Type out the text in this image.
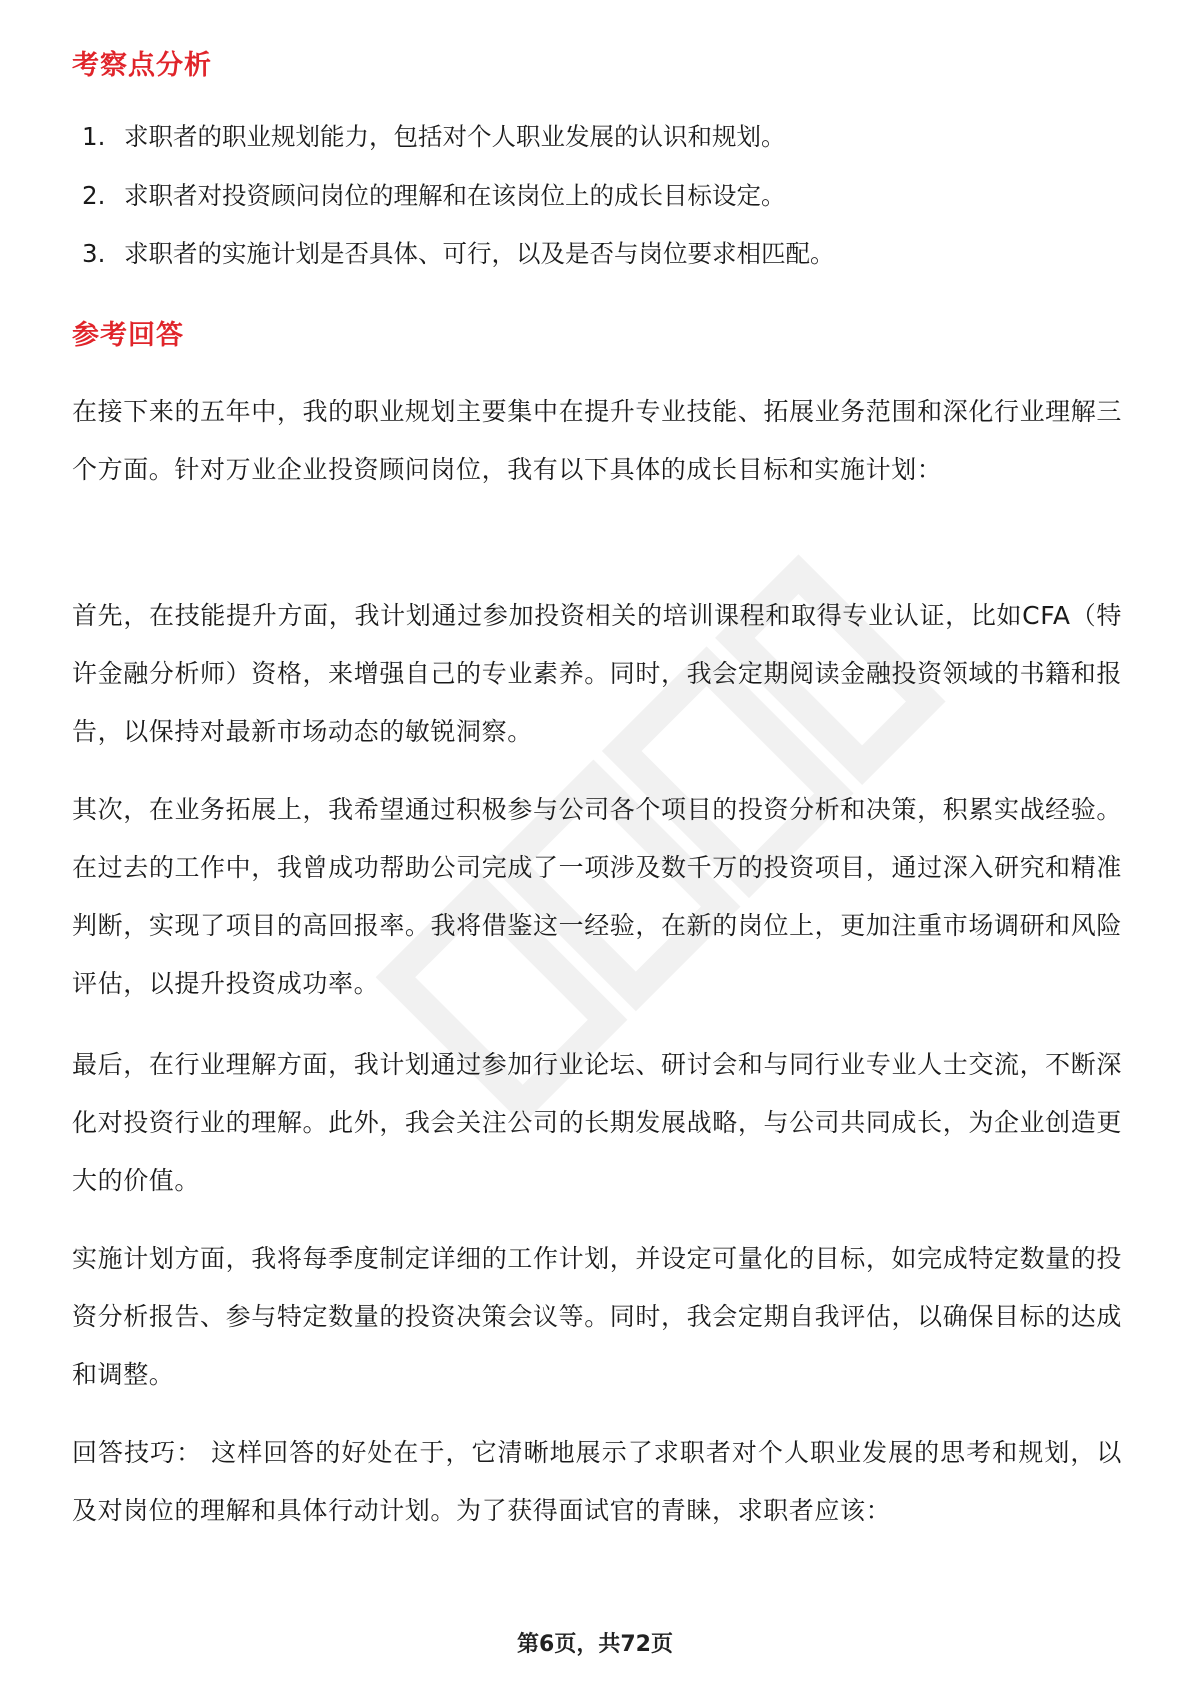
考察点分析
1. 求职者的职业规划能力，包括对个人职业发展的认识和规划。
2. 求职者对投资顾问岗位的理解和在该岗位上的成长目标设定。
3. 求职者的实施计划是否具体、可行，以及是否与岗位要求相匹配。
参考回答

在接下来的五年中，我的职业规划主要集中在提升专业技能、拓展业务范围和深化行业理解三个方面。针对万业企业投资顾问岗位，我有以下具体的成长目标和实施计划：

首先，在技能提升方面，我计划通过参加投资相关的培训课程和取得专业认证，比如CFA（特许金融分析师）资格，来增强自己的专业素养。同时，我会定期阅读金融投资领域的书籍和报告，以保持对最新市场动态的敏锐洞察。

其次，在业务拓展上，我希望通过积极参与公司各个项目的投资分析和决策，积累实战经验。在过去的工作中，我曾成功帮助公司完成了一项涉及数千万的投资项目，通过深入研究和精准判断，实现了项目的高回报率。我将借鉴这一经验，在新的岗位上，更加注重市场调研和风险评估，以提升投资成功率。

最后，在行业理解方面，我计划通过参加行业论坛、研讨会和与同行业专业人士交流，不断深化对投资行业的理解。此外，我会关注公司的长期发展战略，与公司共同成长，为企业创造更大的价值。

实施计划方面，我将每季度制定详细的工作计划，并设定可量化的目标，如完成特定数量的投资分析报告、参与特定数量的投资决策会议等。同时，我会定期自我评估，以确保目标的达成和调整。

回答技巧： 这样回答的好处在于，它清晰地展示了求职者对个人职业发展的思考和规划，以及对岗位的理解和具体行动计划。为了获得面试官的青睐，求职者应该：

第6页，共72页
